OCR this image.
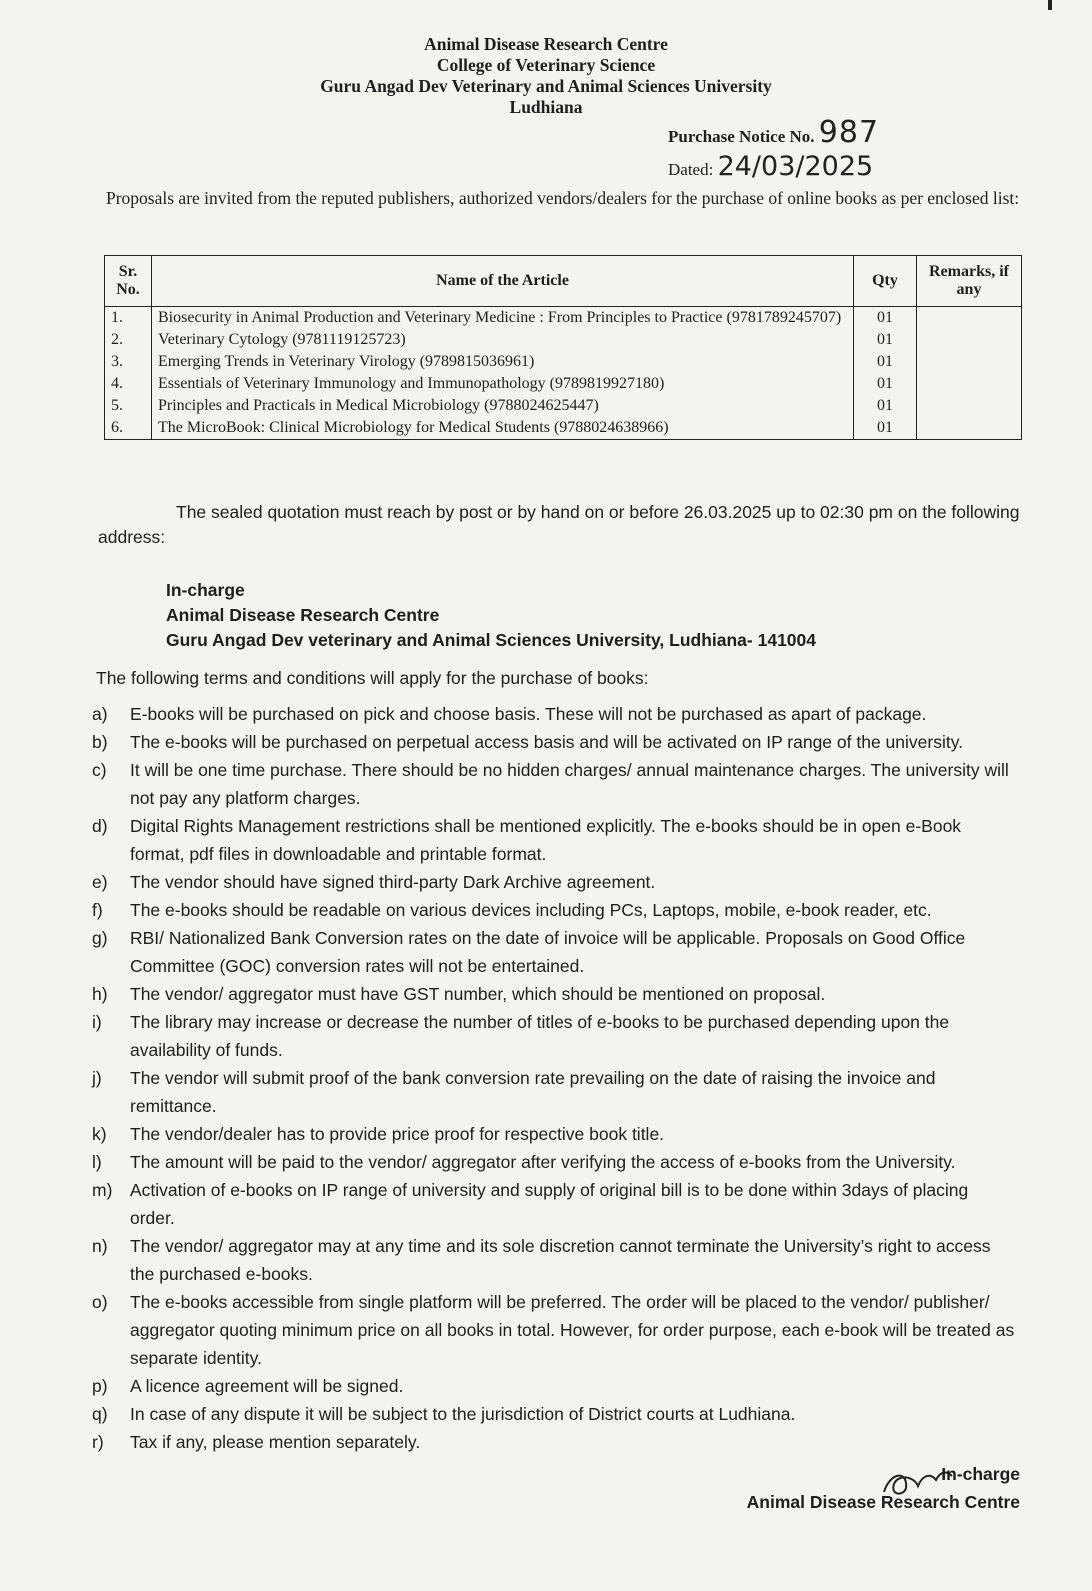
Animal Disease Research Centre
College of Veterinary Science
Guru Angad Dev Veterinary and Animal Sciences University
Ludhiana
Purchase Notice No. 987
Dated: 24/03/2025
Proposals are invited from the reputed publishers, authorized vendors/dealers for the purchase of online books as per enclosed list:
Sr. No.	Name of the Article	Qty	Remarks, if any
1.	Biosecurity in Animal Production and Veterinary Medicine : From Principles to Practice (9781789245707)	01	
2.	Veterinary Cytology (9781119125723)	01	
3.	Emerging Trends in Veterinary Virology (9789815036961)	01	
4.	Essentials of Veterinary Immunology and Immunopathology (9789819927180)	01	
5.	Principles and Practicals in Medical Microbiology (9788024625447)	01	
6.	The MicroBook: Clinical Microbiology for Medical Students (9788024638966)	01	
The sealed quotation must reach by post or by hand on or before 26.03.2025 up to 02:30 pm on the following address:
In-charge
Animal Disease Research Centre
Guru Angad Dev veterinary and Animal Sciences University, Ludhiana- 141004
The following terms and conditions will apply for the purchase of books:
a)	E-books will be purchased on pick and choose basis. These will not be purchased as apart of package.
b)	The e-books will be purchased on perpetual access basis and will be activated on IP range of the university.
c)	It will be one time purchase. There should be no hidden charges/ annual maintenance charges. The university will not pay any platform charges.
d)	Digital Rights Management restrictions shall be mentioned explicitly. The e-books should be in open e-Book format, pdf files in downloadable and printable format.
e)	The vendor should have signed third-party Dark Archive agreement.
f)	The e-books should be readable on various devices including PCs, Laptops, mobile, e-book reader, etc.
g)	RBI/ Nationalized Bank Conversion rates on the date of invoice will be applicable. Proposals on Good Office Committee (GOC) conversion rates will not be entertained.
h)	The vendor/ aggregator must have GST number, which should be mentioned on proposal.
i)	The library may increase or decrease the number of titles of e-books to be purchased depending upon the availability of funds.
j)	The vendor will submit proof of the bank conversion rate prevailing on the date of raising the invoice and remittance.
k)	The vendor/dealer has to provide price proof for respective book title.
l)	The amount will be paid to the vendor/ aggregator after verifying the access of e-books from the University.
m)	Activation of e-books on IP range of university and supply of original bill is to be done within 3days of placing order.
n)	The vendor/ aggregator may at any time and its sole discretion cannot terminate the University’s right to access the purchased e-books.
o)	The e-books accessible from single platform will be preferred. The order will be placed to the vendor/ publisher/ aggregator quoting minimum price on all books in total. However, for order purpose, each e-book will be treated as separate identity.
p)	A licence agreement will be signed.
q)	In case of any dispute it will be subject to the jurisdiction of District courts at Ludhiana.
r)	Tax if any, please mention separately.
In-charge
Animal Disease Research Centre
